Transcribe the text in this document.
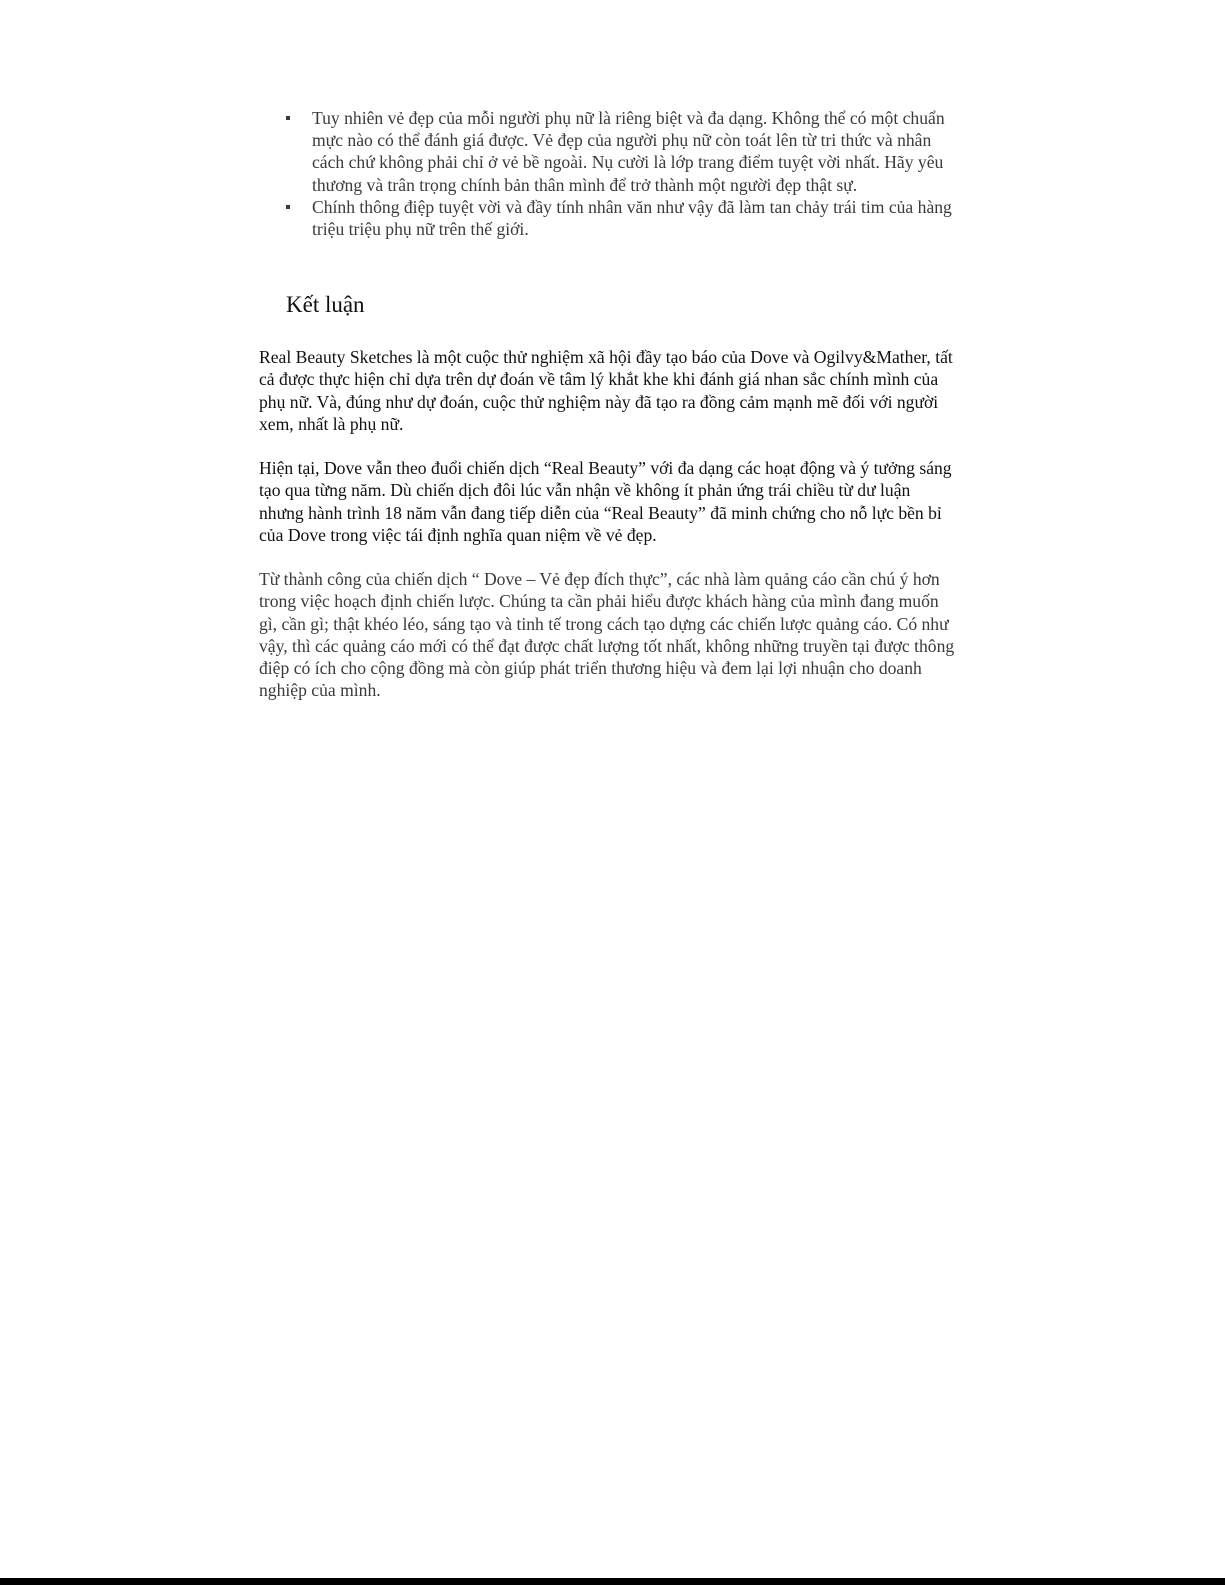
Tuy nhiên vẻ đẹp của mỗi người phụ nữ là riêng biệt và đa dạng. Không thể có một chuẩn mực nào có thể đánh giá được. Vẻ đẹp của người phụ nữ còn toát lên từ tri thức và nhân cách chứ không phải chỉ ở vẻ bề ngoài. Nụ cười là lớp trang điểm tuyệt vời nhất. Hãy yêu thương và trân trọng chính bản thân mình để trở thành một người đẹp thật sự.
Chính thông điệp tuyệt vời và đầy tính nhân văn như vậy đã làm tan chảy trái tim của hàng triệu triệu phụ nữ trên thế giới.
Kết luận

Real Beauty Sketches là một cuộc thử nghiệm xã hội đầy tạo báo của Dove và Ogilvy&Mather, tất cả được thực hiện chỉ dựa trên dự đoán về tâm lý khắt khe khi đánh giá nhan sắc chính mình của phụ nữ. Và, đúng như dự đoán, cuộc thử nghiệm này đã tạo ra đồng cảm mạnh mẽ đối với người xem, nhất là phụ nữ.

Hiện tại, Dove vẫn theo đuổi chiến dịch “Real Beauty” với đa dạng các hoạt động và ý tưởng sáng tạo qua từng năm. Dù chiến dịch đôi lúc vẫn nhận về không ít phản ứng trái chiều từ dư luận nhưng hành trình 18 năm vẫn đang tiếp diễn của “Real Beauty” đã minh chứng cho nỗ lực bền bỉ của Dove trong việc tái định nghĩa quan niệm về vẻ đẹp.

Từ thành công của chiến dịch “ Dove – Vẻ đẹp đích thực”, các nhà làm quảng cáo cần chú ý hơn trong việc hoạch định chiến lược. Chúng ta cần phải hiểu được khách hàng của mình đang muốn gì, cần gì; thật khéo léo, sáng tạo và tinh tế trong cách tạo dựng các chiến lược quảng cáo. Có như vậy, thì các quảng cáo mới có thể đạt được chất lượng tốt nhất, không những truyền tại được thông điệp có ích cho cộng đồng mà còn giúp phát triển thương hiệu và đem lại lợi nhuận cho doanh nghiệp của mình.
